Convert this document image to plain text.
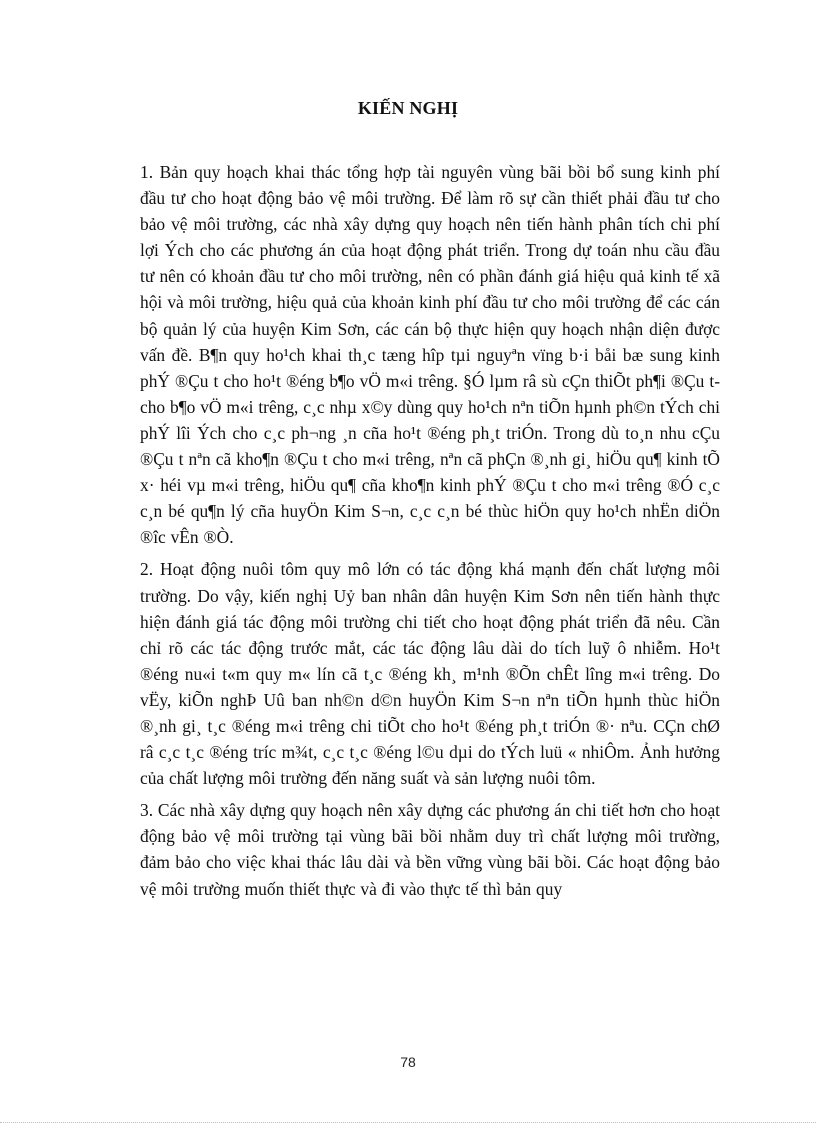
KIẾN NGHỊ

1. Bản quy hoạch khai thác tổng hợp tài nguyên vùng bãi bồi bổ sung kinh phí đầu tư cho hoạt động bảo vệ môi trường. Để làm rõ sự cần thiết phải đầu tư cho bảo vệ môi trường, các nhà xây dựng quy hoạch nên tiến hành phân tích chi phí lợi Ých cho các phương án của hoạt động phát triển. Trong dự toán nhu cầu đầu tư nên có khoản đầu tư cho môi trường, nên có phần đánh giá hiệu quả kinh tế xã hội và môi trường, hiệu quả của khoản kinh phí đầu tư cho môi trường để các cán bộ quản lý của huyện Kim Sơn, các cán bộ thực hiện quy hoạch nhận diện được vấn đề. B¶n quy ho¹ch khai th¸c tæng hîp tµi nguyªn vïng b·i båi bæ sung kinh phÝ ®Çu t cho ho¹t ®éng b¶o vÖ m«i trêng. §Ó lµm râ sù cÇn thiÕt ph¶i ®Çu t cho b¶o vÖ m«i trêng, c¸c nhµ x©y dùng quy ho¹ch nªn tiÕn hµnh ph©n tÝch chi phÝ lîi Ých cho c¸c ph¬ng ¸n cña ho¹t ®éng ph¸t triÓn. Trong dù to¸n nhu cÇu ®Çu t nªn cã kho¶n ®Çu t cho m«i trêng, nªn cã phÇn ®¸nh gi¸ hiÖu qu¶ kinh tÕ x· héi vµ m«i trêng, hiÖu qu¶ cña kho¶n kinh phÝ ®Çu t cho m«i trêng ®Ó c¸c c¸n bé qu¶n lý cña huyÖn Kim S¬n, c¸c c¸n bé thùc hiÖn quy ho¹ch nhËn diÖn ®îc vÊn ®Ò.

2. Hoạt động nuôi tôm quy mô lớn có tác động khá mạnh đến chất lượng môi trường. Do vậy, kiến nghị Uỷ ban nhân dân huyện Kim Sơn nên tiến hành thực hiện đánh giá tác động môi trường chi tiết cho hoạt động phát triển đã nêu. Cần chỉ rõ các tác động trước mắt, các tác động lâu dài do tích luỹ ô nhiễm. Ho¹t ®éng nu«i t«m quy m« lín cã t¸c ®éng kh¸ m¹nh ®Õn chÊt lîng m«i trêng. Do vËy, kiÕn nghÞ Uû ban nh©n d©n huyÖn Kim S¬n nªn tiÕn hµnh thùc hiÖn ®¸nh gi¸ t¸c ®éng m«i trêng chi tiÕt cho ho¹t ®éng ph¸t triÓn ®· nªu. CÇn chØ râ c¸c t¸c ®éng tríc m¾t, c¸c t¸c ®éng l©u dµi do tÝch luü « nhiÔm. Ảnh hưởng của chất lượng môi trường đến năng suất và sản lượng nuôi tôm.

3. Các nhà xây dựng quy hoạch nên xây dựng các phương án chi tiết hơn cho hoạt động bảo vệ môi trường tại vùng bãi bồi nhằm duy trì chất lượng môi trường, đảm bảo cho việc khai thác lâu dài và bền vững vùng bãi bồi. Các hoạt động bảo vệ môi trường muốn thiết thực và đi vào thực tế thì bản quy

78
